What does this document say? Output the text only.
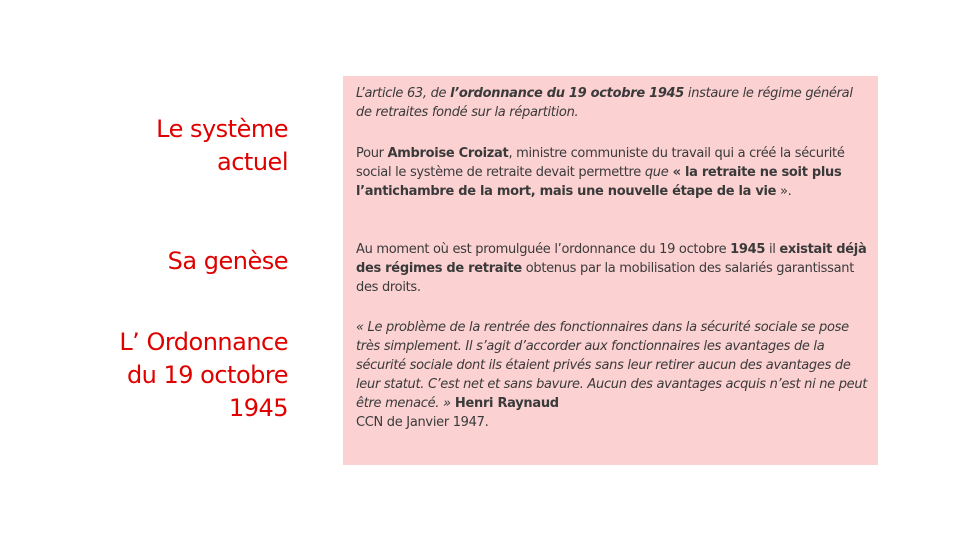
Le système
actuel
Sa genèse
L’ Ordonnance
du 19 octobre
1945

L’article 63, de l’ordonnance du 19 octobre 1945 instaure le régime général de retraites fondé sur la répartition.

Pour Ambroise Croizat, ministre communiste du travail qui a créé la sécurité social le système de retraite devait permettre que « la retraite ne soit plus l’antichambre de la mort, mais une nouvelle étape de la vie ».

Au moment où est promulguée l’ordonnance du 19 octobre 1945 il existait déjà des régimes de retraite obtenus par la mobilisation des salariés garantissant des droits.

« Le problème de la rentrée des fonctionnaires dans la sécurité sociale se pose très simplement. Il s’agit d’accorder aux fonctionnaires les avantages de la sécurité sociale dont ils étaient privés sans leur retirer aucun des avantages de leur statut. C’est net et sans bavure. Aucun des avantages acquis n’est ni ne peut être menacé. » Henri Raynaud
CCN de Janvier 1947.
